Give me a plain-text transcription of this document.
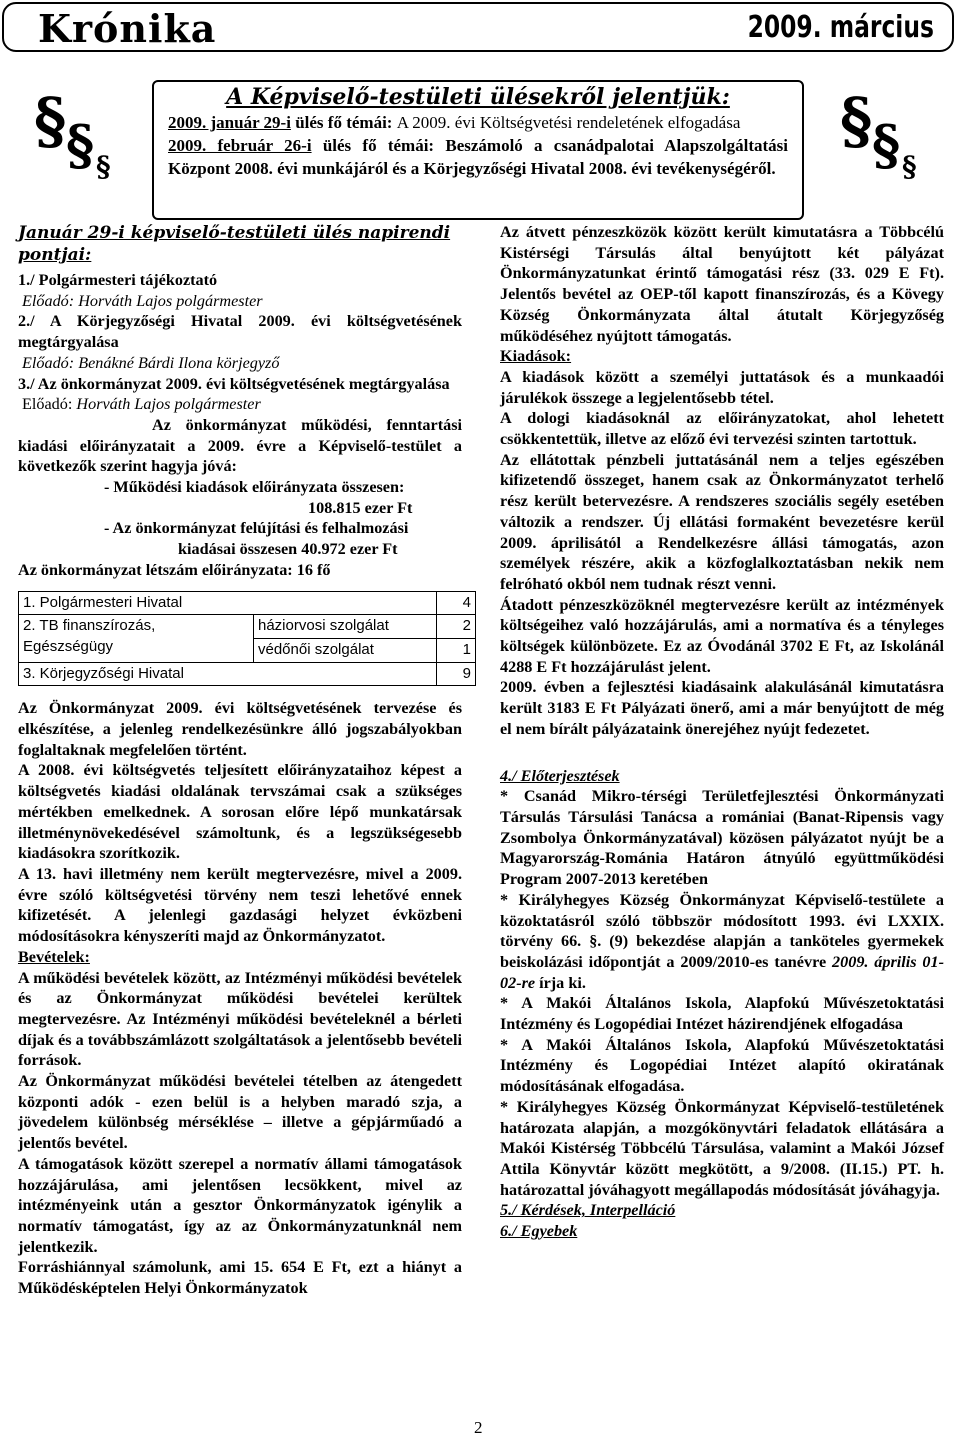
Krónika	2009. március
§ § §
§ § §
A Képviselő-testületi ülésekről jelentjük:
2009. január 29-i ülés fő témái: A 2009. évi Költségvetési rendeletének elfogadása
2009. február 26-i ülés fő témái: Beszámoló a csanádpalotai Alapszolgáltatási Központ 2008. évi munkájáról és a Körjegyzőségi Hivatal 2008. évi tevékenységéről.
Január 29-i képviselő-testületi ülés napirendi pontjai:

1./ Polgármesteri tájékoztató

Előadó: Horváth Lajos polgármester

2./ A Körjegyzőségi Hivatal 2009. évi költségvetésének megtárgyalása

Előadó: Benákné Bárdi Ilona körjegyző

3./ Az önkormányzat 2009. évi költségvetésének megtárgyalása

Előadó: Horváth Lajos polgármester

Az önkormányzat működési, fenntartási kiadási előirányzatait a 2009. évre a Képviselő-testület a következők szerint hagyja jóvá:

- Működési kiadások előirányzata összesen:

108.815 ezer Ft

- Az önkormányzat felújítási és felhalmozási

kiadásai összesen 40.972 ezer Ft

Az önkormányzat létszám előirányzata: 16 fő

1. Polgármesteri Hivatal		4
2. TB finanszírozás, Egészségügy	háziorvosi szolgálat	2
	védőnői szolgálat	1
3. Körjegyzőségi Hivatal		9

Az Önkormányzat 2009. évi költségvetésének tervezése és elkészítése, a jelenleg rendelkezésünkre álló jogszabályokban foglaltaknak megfelelően történt.

A 2008. évi költségvetés teljesített előirányzataihoz képest a költségvetés kiadási oldalának tervszámai csak a szükséges mértékben emelkednek. A sorosan előre lépő munkatársak illetménynövekedésével számoltunk, és a legszükségesebb kiadásokra szorítkozik.

A 13. havi illetmény nem került megtervezésre, mivel a 2009. évre szóló költségvetési törvény nem teszi lehetővé ennek kifizetését. A jelenlegi gazdasági helyzet évközbeni módosításokra kényszeríti majd az Önkormányzatot.

Bevételek:

A működési bevételek között, az Intézményi működési bevételek és az Önkormányzat működési bevételei kerültek megtervezésre. Az Intézményi működési bevételeknél a bérleti díjak és a továbbszámlázott szolgáltatások a jelentősebb bevételi források.

Az Önkormányzat működési bevételei tételben az átengedett központi adók - ezen belül is a helyben maradó szja, a jövedelem különbség mérséklése – illetve a gépjárműadó a jelentős bevétel.

A támogatások között szerepel a normatív állami támogatások hozzájárulása, ami jelentősen lecsökkent, mivel az intézményeink után a gesztor Önkormányzatok igénylik a normatív támogatást, így az az Önkormányzatunknál nem jelentkezik.

Forráshiánnyal számolunk, ami 15. 654 E Ft, ezt a hiányt a Működésképtelen Helyi Önkormányzatok

Az átvett pénzeszközök között került kimutatásra a Többcélú Kistérségi Társulás által benyújtott két pályázat Önkormányzatunkat érintő támogatási rész (33. 029 E Ft). Jelentős bevétel az OEP-től kapott finanszírozás, és a Kövegy Község Önkormányzata által átutalt Körjegyzőség működéséhez nyújtott támogatás.

Kiadások:

A kiadások között a személyi juttatások és a munkaadói járulékok összege a legjelentősebb tétel.

A dologi kiadásoknál az előirányzatokat, ahol lehetett csökkentettük, illetve az előző évi tervezési szinten tartottuk.

Az ellátottak pénzbeli juttatásánál nem a teljes egészében kifizetendő összeget, hanem csak az Önkormányzatot terhelő rész került betervezésre. A rendszeres szociális segély esetében változik a rendszer. Új ellátási formaként bevezetésre kerül 2009. áprilisától a Rendelkezésre állási támogatás, azon személyek részére, akik a közfoglalkoztatásban nekik nem felróható okból nem tudnak részt venni.

Átadott pénzeszközöknél megtervezésre került az intézmények költségeihez való hozzájárulás, ami a normatíva és a tényleges költségek különbözete. Ez az Óvodánál 3702 E Ft, az Iskolánál 4288 E Ft hozzájárulást jelent.

2009. évben a fejlesztési kiadásaink alakulásánál kimutatásra került 3183 E Ft Pályázati önerő, ami a már benyújtott de még el nem bírált pályázataink önerejéhez nyújt fedezetet.

4./ Előterjesztések

* Csanád Mikro-térségi Területfejlesztési Önkormányzati Társulás Társulási Tanácsa a romániai (Banat-Ripensis vagy Zsombolya Önkormányzatával) közösen pályázatot nyújt be a Magyarország-Románia Határon átnyúló együttműködési Program 2007-2013 keretében

* Királyhegyes Község Önkormányzat Képviselő-testülete a közoktatásról szóló többször módosított 1993. évi LXXIX. törvény 66. §. (9) bekezdése alapján a tanköteles gyermekek beiskolázási időpontját a 2009/2010-es tanévre 2009. április 01-02-re írja ki.

* A Makói Általános Iskola, Alapfokú Művészetoktatási Intézmény és Logopédiai Intézet házirendjének elfogadása

* A Makói Általános Iskola, Alapfokú Művészetoktatási Intézmény és Logopédiai Intézet alapító okiratának módosításának elfogadása.

* Királyhegyes Község Önkormányzat Képviselő-testületének határozata alapján, a mozgókönyvtári feladatok ellátására a Makói Kistérség Többcélú Társulása, valamint a Makói József Attila Könyvtár között megkötött, a 9/2008. (II.15.) PT. h. határozattal jóváhagyott megállapodás módosítását jóváhagyja.

5./ Kérdések, Interpelláció

6./ Egyebek

2
